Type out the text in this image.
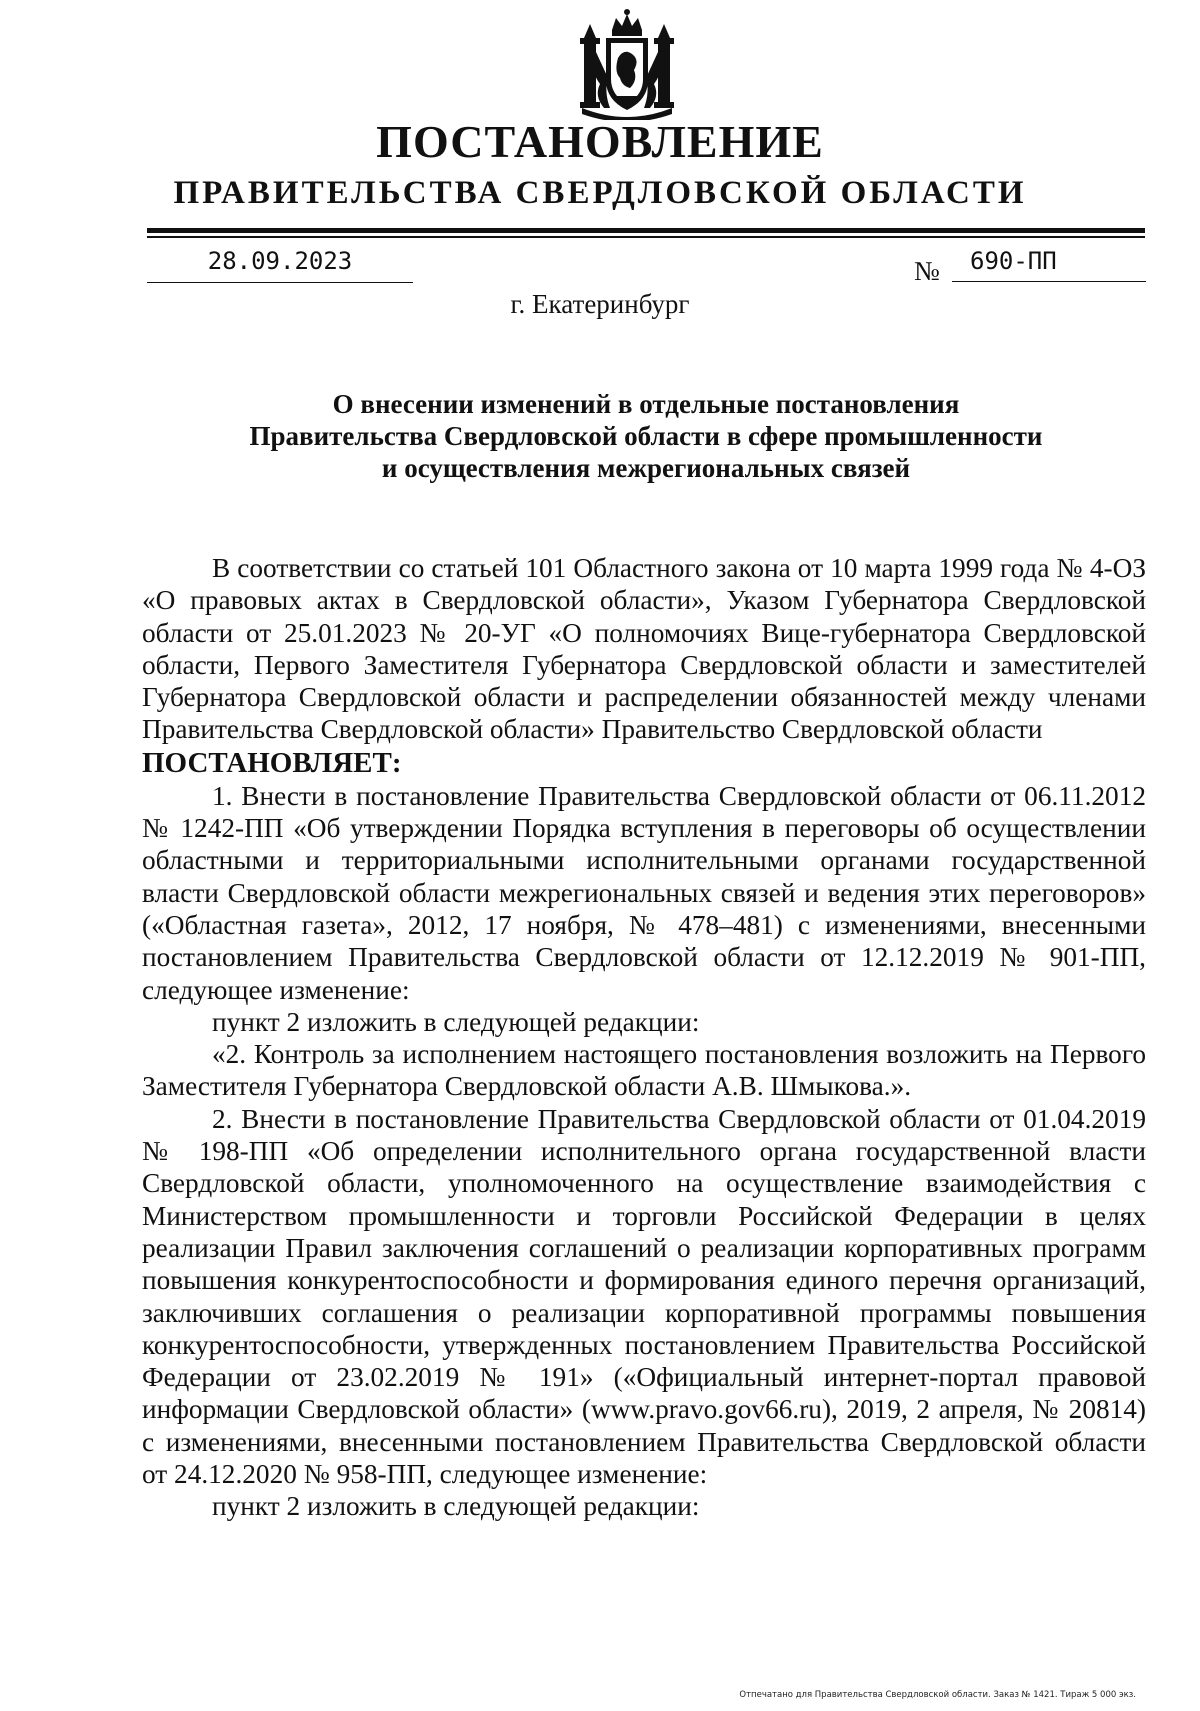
ПОСТАНОВЛЕНИЕ
ПРАВИТЕЛЬСТВА СВЕРДЛОВСКОЙ ОБЛАСТИ
28.09.2023	№	690-ПП
г. Екатеринбург
О внесении изменений в отдельные постановления
Правительства Свердловской области в сфере промышленности
и осуществления межрегиональных связей

В соответствии со статьей 101 Областного закона от 10 марта 1999 года № 4-ОЗ «О правовых актах в Свердловской области», Указом Губернатора Свердловской области от 25.01.2023 № 20-УГ «О полномочиях Вице-губернатора Свердловской области, Первого Заместителя Губернатора Свердловской области и заместителей Губернатора Свердловской области и распределении обязанностей между членами Правительства Свердловской области» Правительство Свердловской области

ПОСТАНОВЛЯЕТ:

1. Внести в постановление Правительства Свердловской области от 06.11.2012 № 1242-ПП «Об утверждении Порядка вступления в переговоры об осуществлении областными и территориальными исполнительными органами государственной власти Свердловской области межрегиональных связей и ведения этих переговоров» («Областная газета», 2012, 17 ноября, № 478–481) с изменениями, внесенными постановлением Правительства Свердловской области от 12.12.2019 № 901-ПП, следующее изменение:

пункт 2 изложить в следующей редакции:

«2. Контроль за исполнением настоящего постановления возложить на Первого Заместителя Губернатора Свердловской области А.В. Шмыкова.».

2. Внести в постановление Правительства Свердловской области от 01.04.2019 № 198-ПП «Об определении исполнительного органа государственной власти Свердловской области, уполномоченного на осуществление взаимодействия с Министерством промышленности и торговли Российской Федерации в целях реализации Правил заключения соглашений о реализации корпоративных программ повышения конкурентоспособности и формирования единого перечня организаций, заключивших соглашения о реализации корпоративной программы повышения конкурентоспособности, утвержденных постановлением Правительства Российской Федерации от 23.02.2019 № 191» («Официальный интернет-портал правовой информации Свердловской области» (www.pravo.gov66.ru), 2019, 2 апреля, № 20814) с изменениями, внесенными постановлением Правительства Свердловской области от 24.12.2020 № 958-ПП, следующее изменение:

пункт 2 изложить в следующей редакции:

Отпечатано для Правительства Свердловской области. Заказ № 1421. Тираж 5 000 экз.
